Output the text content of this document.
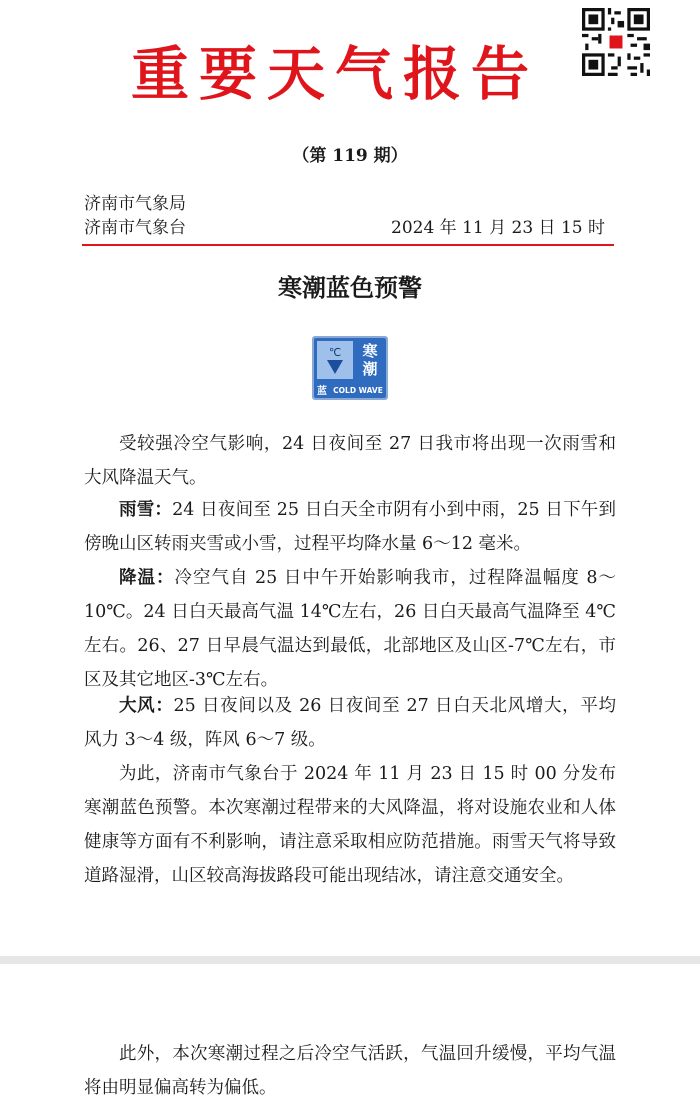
重要天气报告
（第 119 期）
济南市气象局
济南市气象台	2024 年 11 月 23 日 15 时
寒潮蓝色预警
℃ 寒
潮
蓝 COLD WAVE

受较强冷空气影响，24 日夜间至 27 日我市将出现一次雨雪和大风降温天气。

雨雪：24 日夜间至 25 日白天全市阴有小到中雨，25 日下午到傍晚山区转雨夹雪或小雪，过程平均降水量 6～12 毫米。

降温：冷空气自 25 日中午开始影响我市，过程降温幅度 8～10℃。24 日白天最高气温 14℃左右，26 日白天最高气温降至 4℃左右。26、27 日早晨气温达到最低，北部地区及山区-7℃左右，市区及其它地区-3℃左右。

大风：25 日夜间以及 26 日夜间至 27 日白天北风增大，平均风力 3～4 级，阵风 6～7 级。

为此，济南市气象台于 2024 年 11 月 23 日 15 时 00 分发布寒潮蓝色预警。本次寒潮过程带来的大风降温，将对设施农业和人体健康等方面有不利影响，请注意采取相应防范措施。雨雪天气将导致道路湿滑，山区较高海拔路段可能出现结冰，请注意交通安全。

此外，本次寒潮过程之后冷空气活跃，气温回升缓慢，平均气温将由明显偏高转为偏低。
